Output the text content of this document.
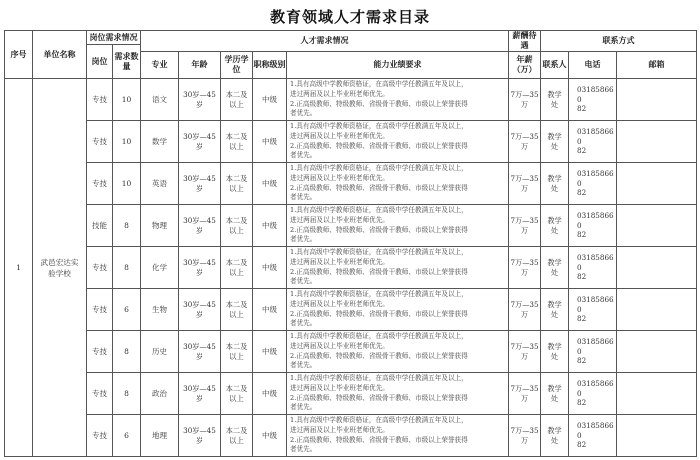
教育领域人才需求目录
序号	单位名称	岗位需求情况		人才需求情况					薪酬待遇	联系方式		
		岗位	需求数量									
				专业	年龄	学历学位	职称级别	能力业绩要求	年薪（万）	联系人	电话	邮箱
1	武邑宏达实验学校	专技	10	语文	30岁—45
岁	本二及
以上	中级	1.具有高级中学教师资格证，在高级中学任教满五年及以上，
进过两届及以上毕业班老师优先。
2.正高级教师、特级教师、省级骨干教师、市级以上荣誉获得
者优先。	7万—35
万	教学
处	031858660
82	

		专技	10	数学	30岁—45
岁	本二及
以上	中级	1.具有高级中学教师资格证，在高级中学任教满五年及以上，
进过两届及以上毕业班老师优先。
2.正高级教师、特级教师、省级骨干教师、市级以上荣誉获得
者优先。	7万—35
万	教学
处	031858660
82	

		专技	10	英语	30岁—45
岁	本二及
以上	中级	1.具有高级中学教师资格证，在高级中学任教满五年及以上，
进过两届及以上毕业班老师优先。
2.正高级教师、特级教师、省级骨干教师、市级以上荣誉获得
者优先。	7万—35
万	教学
处	031858660
82	

		技能	8	物理	30岁—45
岁	本二及
以上	中级	1.具有高级中学教师资格证，在高级中学任教满五年及以上，
进过两届及以上毕业班老师优先。
2.正高级教师、特级教师、省级骨干教师、市级以上荣誉获得
者优先。	7万—35
万	教学
处	031858660
82	

		专技	8	化学	30岁—45
岁	本二及
以上	中级	1.具有高级中学教师资格证，在高级中学任教满五年及以上，
进过两届及以上毕业班老师优先。
2.正高级教师、特级教师、省级骨干教师、市级以上荣誉获得
者优先。	7万—35
万	教学
处	031858660
82	

		专技	6	生物	30岁—45
岁	本二及
以上	中级	1.具有高级中学教师资格证，在高级中学任教满五年及以上，
进过两届及以上毕业班老师优先。
2.正高级教师、特级教师、省级骨干教师、市级以上荣誉获得
者优先。	7万—35
万	教学
处	031858660
82	

		专技	8	历史	30岁—45
岁	本二及
以上	中级	1.具有高级中学教师资格证，在高级中学任教满五年及以上，
进过两届及以上毕业班老师优先。
2.正高级教师、特级教师、省级骨干教师、市级以上荣誉获得
者优先。	7万—35
万	教学
处	031858660
82	

		专技	8	政治	30岁—45
岁	本二及
以上	中级	1.具有高级中学教师资格证，在高级中学任教满五年及以上，
进过两届及以上毕业班老师优先。
2.正高级教师、特级教师、省级骨干教师、市级以上荣誉获得
者优先。	7万—35
万	教学
处	031858660
82	

		专技	6	地理	30岁—45
岁	本二及
以上	中级	1.具有高级中学教师资格证，在高级中学任教满五年及以上，
进过两届及以上毕业班老师优先。
2.正高级教师、特级教师、省级骨干教师、市级以上荣誉获得
者优先。	7万—35
万	教学
处	031858660
82	
